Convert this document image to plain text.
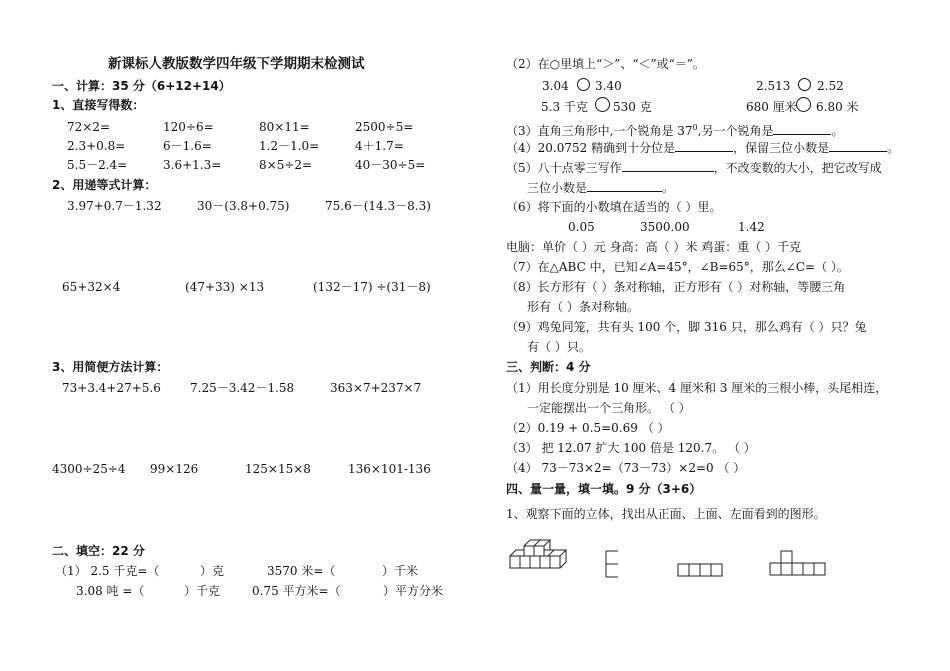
新课标人教版数学四年级下学期期末检测试
一、计算：35 分（6+12+14）
1、直接写得数：
72×2=	120÷6=	80×11=	2500÷5=
2.3+0.8=	6－1.6=	1.2－1.0=	4＋1.7=
5.5－2.4=	3.6+1.3=	8×5÷2=	40－30÷5=
2、用递等式计算：
3.97+0.7－1.32	30－(3.8+0.75)	75.6－(14.3－8.3)
65+32×4	(47+33) ×13	(132－17) ÷(31－8)
3、用简便方法计算：
73+3.4+27+5.6 7.25－3.42－1.58	363×7+237×7
4300÷25÷4 99×126	125×15×8	136×101-136
二、填空：22 分
（1） 2.5 千克=（	）克	3570 米=（	）千米
3.08 吨 =（	）千克	0.75 平方米=（	）平方分米
（2）在○里填上“＞”、“＜”或“＝”。
3.04 3.40	2.513 2.52
5.3 千克 530 克	680 厘米 6.80 米
（3）直角三角形中,一个锐角是 $37^0$,另一个锐角是	。
（4）20.0752 精确到十分位是	，保留三位小数是	。
（5）八十点零三写作	，不改变数的大小，把它改写成
三位小数是	。
（6）将下面的小数填在适当的（ ）里。
0.05	3500.00	1.42
电脑：单价（ ）元 身高：高（ ）米 鸡蛋：重（ ）千克
（7）在△ABC 中，已知∠A=45°，∠B=65°，那么∠C=（ ）。
（8）长方形有（ ）条对称轴，正方形有（ ）对称轴，等腰三角
形有（ ）条对称轴。
（9）鸡兔同笼，共有头 100 个，脚 316 只，那么鸡有（ ）只？兔
有（ ）只。
三、判断：4 分
（1）用长度分别是 10 厘米、4 厘米和 3 厘米的三根小棒，头尾相连，
一定能摆出一个三角形。 （ ）
（2）0.19 + 0.5=0.69 （ ）
（3） 把 12.07 扩大 100 倍是 120.7。 （ ）
（4） 73－73×2=（73－73）×2=0 （ ）
四、量一量，填一填。9 分（3+6）
1、观察下面的立体，找出从正面、上面、左面看到的图形。
